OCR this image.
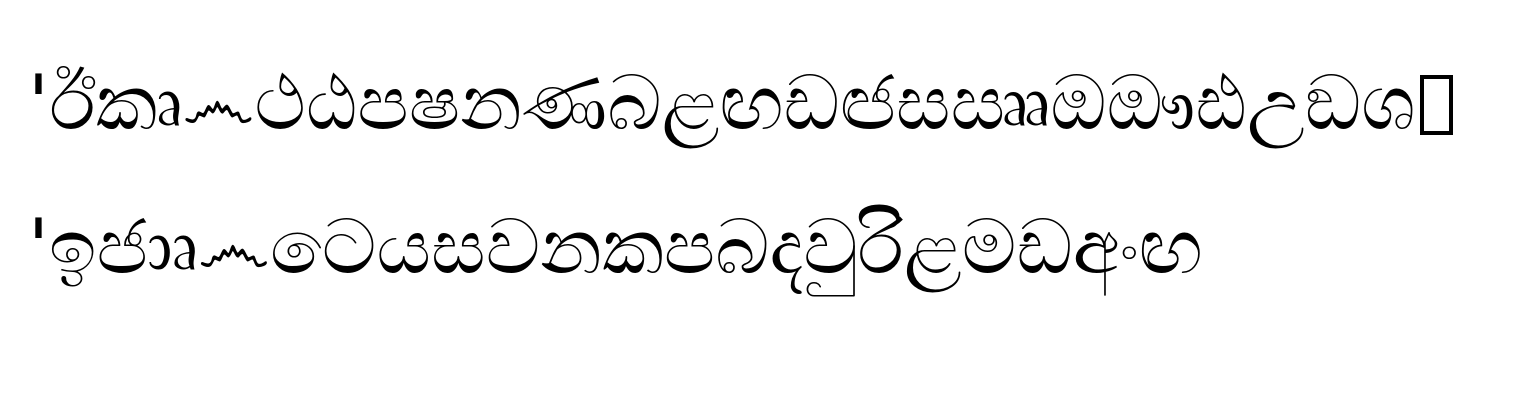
'ඊකෘ෴ථඨපෂනණබළඟඩඦසඎඔඖඪඋඞශ
'ඉජාෘ෴ටෙයසවනකපබදවුරිළමඩඅංඟ
